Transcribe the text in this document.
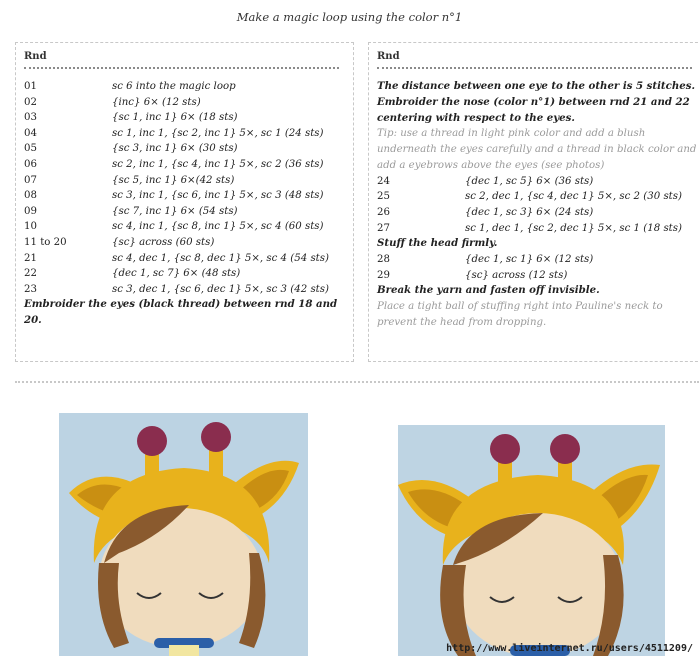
Make a magic loop using the color n°1
Rnd
01	sc 6 into the magic loop
02	{inc} 6× (12 sts)
03	{sc 1, inc 1} 6× (18 sts)
04	sc 1, inc 1, {sc 2, inc 1} 5×, sc 1 (24 sts)
05	{sc 3, inc 1} 6× (30 sts)
06	sc 2, inc 1, {sc 4, inc 1} 5×, sc 2 (36 sts)
07	{sc 5, inc 1} 6×(42 sts)
08	sc 3, inc 1, {sc 6, inc 1} 5×, sc 3 (48 sts)
09	{sc 7, inc 1} 6× (54 sts)
10	sc 4, inc 1, {sc 8, inc 1} 5×, sc 4 (60 sts)
11 to 20	{sc} across (60 sts)
21	sc 4, dec 1, {sc 8, dec 1} 5×, sc 4 (54 sts)
22	{dec 1, sc 7} 6× (48 sts)
23	sc 3, dec 1, {sc 6, dec 1} 5×, sc 3 (42 sts)
Embroider the eyes (black thread) between rnd 18 and 20.
Rnd
The distance between one eye to the other is 5 stitches.
Embroider the nose (color n°1) between rnd 21 and 22 centering with respect to the eyes.
Tip: use a thread in light pink color and add a blush underneath the eyes carefully and a thread in black color and add a eyebrows above the eyes (see photos)
24	{dec 1, sc 5} 6× (36 sts)
25	sc 2, dec 1, {sc 4, dec 1} 5×, sc 2 (30 sts)
26	{dec 1, sc 3} 6× (24 sts)
27	sc 1, dec 1, {sc 2, dec 1} 5×, sc 1 (18 sts)
Stuff the head firmly.
28	{dec 1, sc 1} 6× (12 sts)
29	{sc} across (12 sts)
Break the yarn and fasten off invisible.
Place a tight ball of stuffing right into Pauline's neck to prevent the head from dropping.
http://www.liveinternet.ru/users/4511209/
